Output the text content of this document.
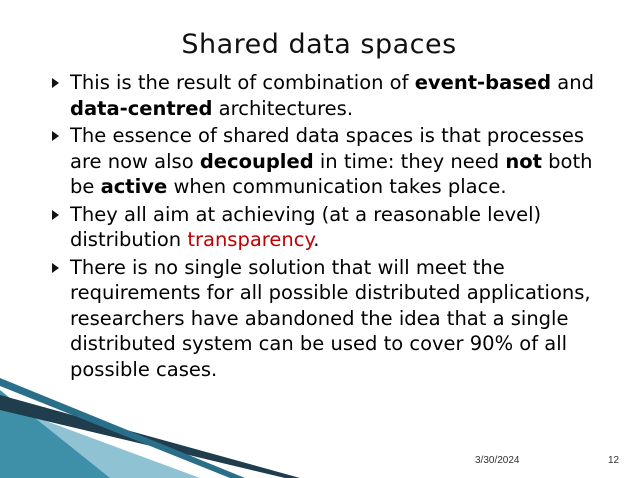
Shared data spaces
This is the result of combination of event-based and data-centred architectures.
The essence of shared data spaces is that processes are now also decoupled in time: they need not both be active when communication takes place.
They all aim at achieving (at a reasonable level) distribution transparency.
There is no single solution that will meet the requirements for all possible distributed applications, researchers have abandoned the idea that a single distributed system can be used to cover 90% of all possible cases.
3/30/2024	12
